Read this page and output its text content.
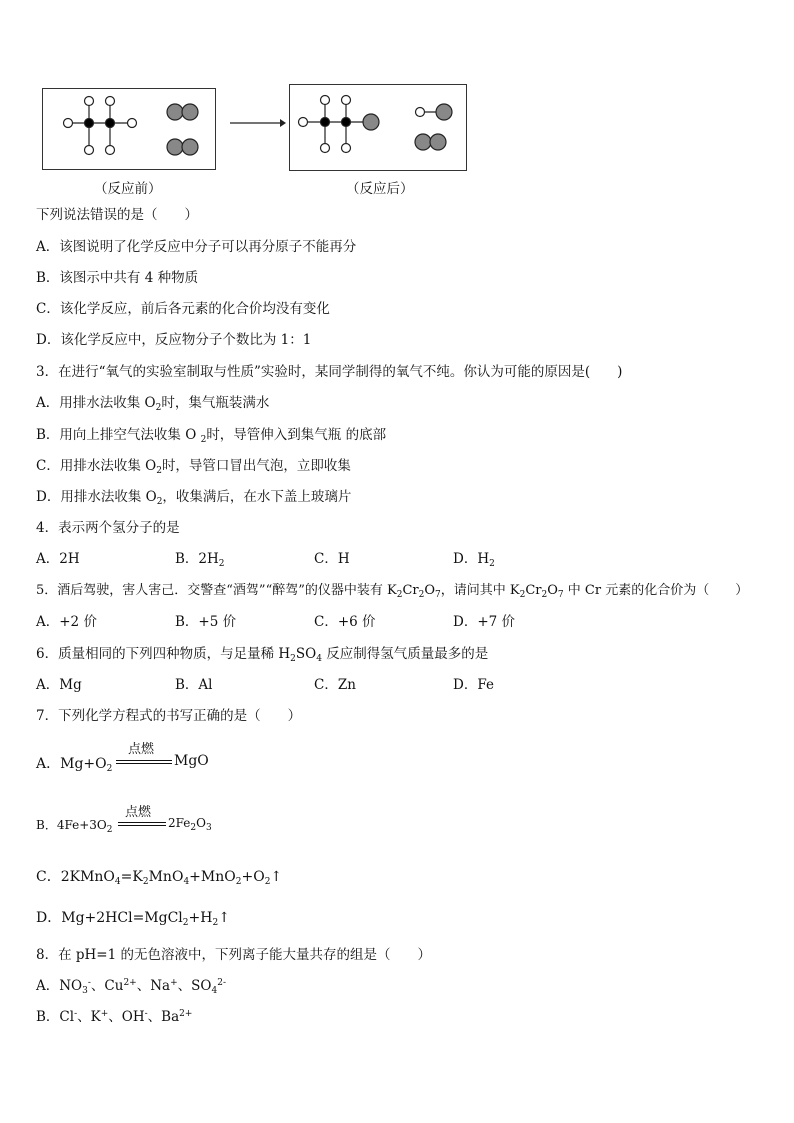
（反应前）	（反应后）
下列说法错误的是（　　）
A．该图说明了化学反应中分子可以再分原子不能再分
B．该图示中共有 4 种物质
C．该化学反应，前后各元素的化合价均没有变化
D．该化学反应中，反应物分子个数比为 1：1
3．在进行“氧气的实验室制取与性质”实验时，某同学制得的氧气不纯。你认为可能的原因是(　　)
A．用排水法收集 $O_2$时，集气瓶装满水
B．用向上排空气法收集 O $_2$时，导管伸入到集气瓶 的底部
C．用排水法收集 $O_2$时，导管口冒出气泡，立即收集
D．用排水法收集 $O_2$，收集满后，在水下盖上玻璃片
4．表示两个氢分子的是
A．2H	B．$2H_2$	C．H	D．$H_2$
5．酒后驾驶，害人害己．交警查“酒驾”“醉驾”的仪器中装有 $K_2Cr_2O_7$，请问其中 $K_2Cr_2O_7$ 中 Cr 元素的化合价为（　　）
A．+2 价	B．+5 价	C．+6 价	D．+7 价
6．质量相同的下列四种物质，与足量稀 $H_2SO_4$ 反应制得氢气质量最多的是
A．Mg	B．Al	C．Zn	D．Fe
7．下列化学方程式的书写正确的是（　　）
A．$Mg+O_2$
点燃
MgO
B．$4Fe+3O_2$
点燃
$2Fe_2O_3$
C．$2KMnO_4=K_2MnO_4+MnO_2+O_2↑$
D．$Mg+2HCl=MgCl_2+H_2↑$
8．在 pH=1 的无色溶液中，下列离子能大量共存的组是（　　）
A．$NO_3^-$、$Cu^{2+}$、Na+、$SO_4^{2-}$
B．Cl-、K+、OH-、$Ba^{2+}$
